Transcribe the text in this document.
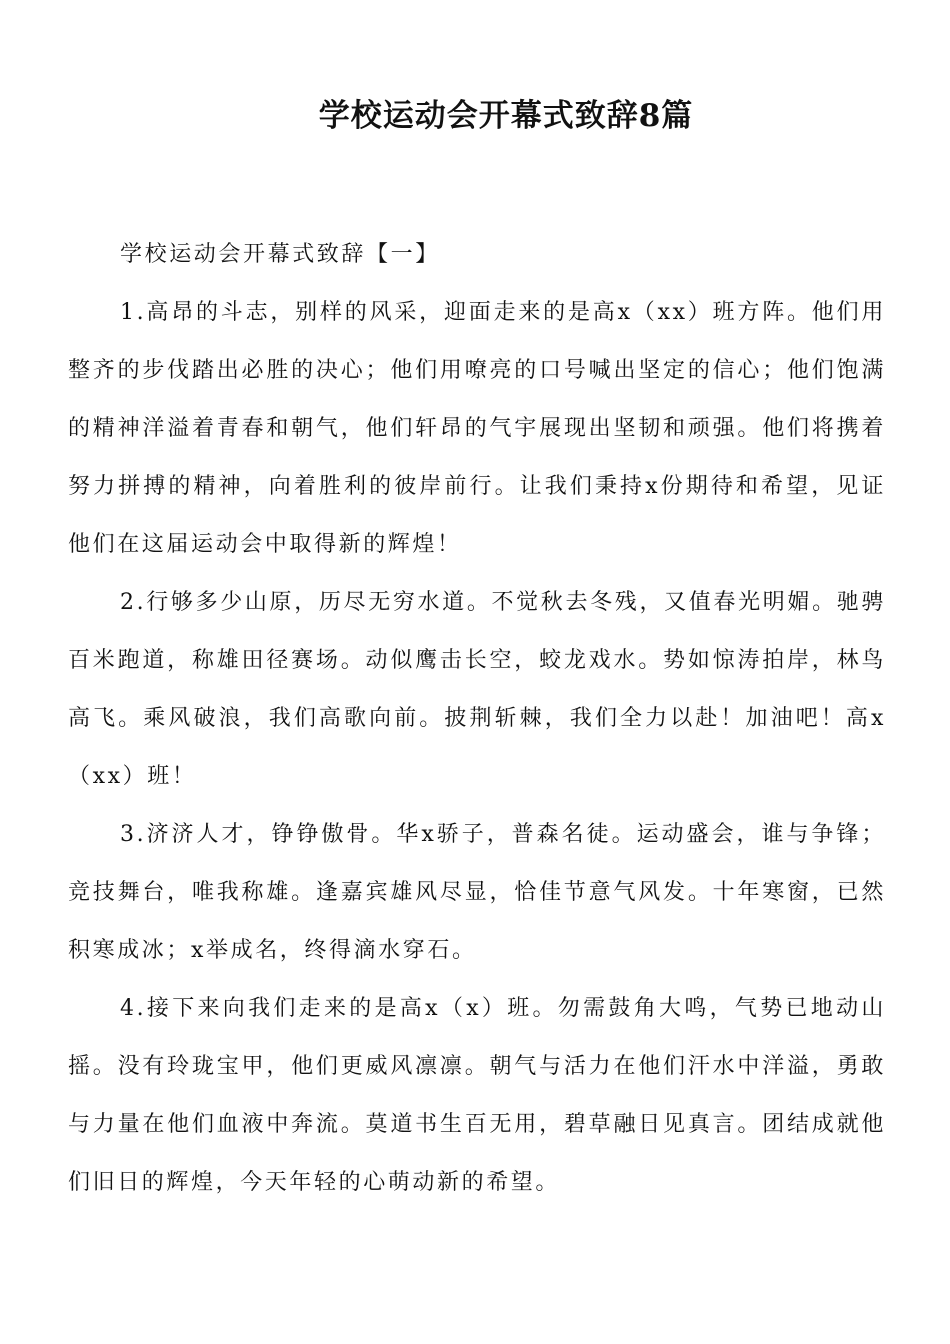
学校运动会开幕式致辞8篇

学校运动会开幕式致辞【一】

1.高昂的斗志，别样的风采，迎面走来的是高x（xx）班方阵。他们用整齐的步伐踏出必胜的决心；他们用嘹亮的口号喊出坚定的信心；他们饱满的精神洋溢着青春和朝气，他们轩昂的气宇展现出坚韧和顽强。他们将携着努力拼搏的精神，向着胜利的彼岸前行。让我们秉持x份期待和希望，见证他们在这届运动会中取得新的辉煌！

2.行够多少山原，历尽无穷水道。不觉秋去冬残，又值春光明媚。驰骋百米跑道，称雄田径赛场。动似鹰击长空，蛟龙戏水。势如惊涛拍岸，林鸟高飞。乘风破浪，我们高歌向前。披荆斩棘，我们全力以赴！加油吧！高x（xx）班！

3.济济人才，铮铮傲骨。华x骄子，普森名徒。运动盛会，谁与争锋；竞技舞台，唯我称雄。逢嘉宾雄风尽显，恰佳节意气风发。十年寒窗，已然积寒成冰；x举成名，终得滴水穿石。

4.接下来向我们走来的是高x（x）班。勿需鼓角大鸣，气势已地动山摇。没有玲珑宝甲，他们更威风凛凛。朝气与活力在他们汗水中洋溢，勇敢与力量在他们血液中奔流。莫道书生百无用，碧草融日见真言。团结成就他们旧日的辉煌，今天年轻的心萌动新的希望。
